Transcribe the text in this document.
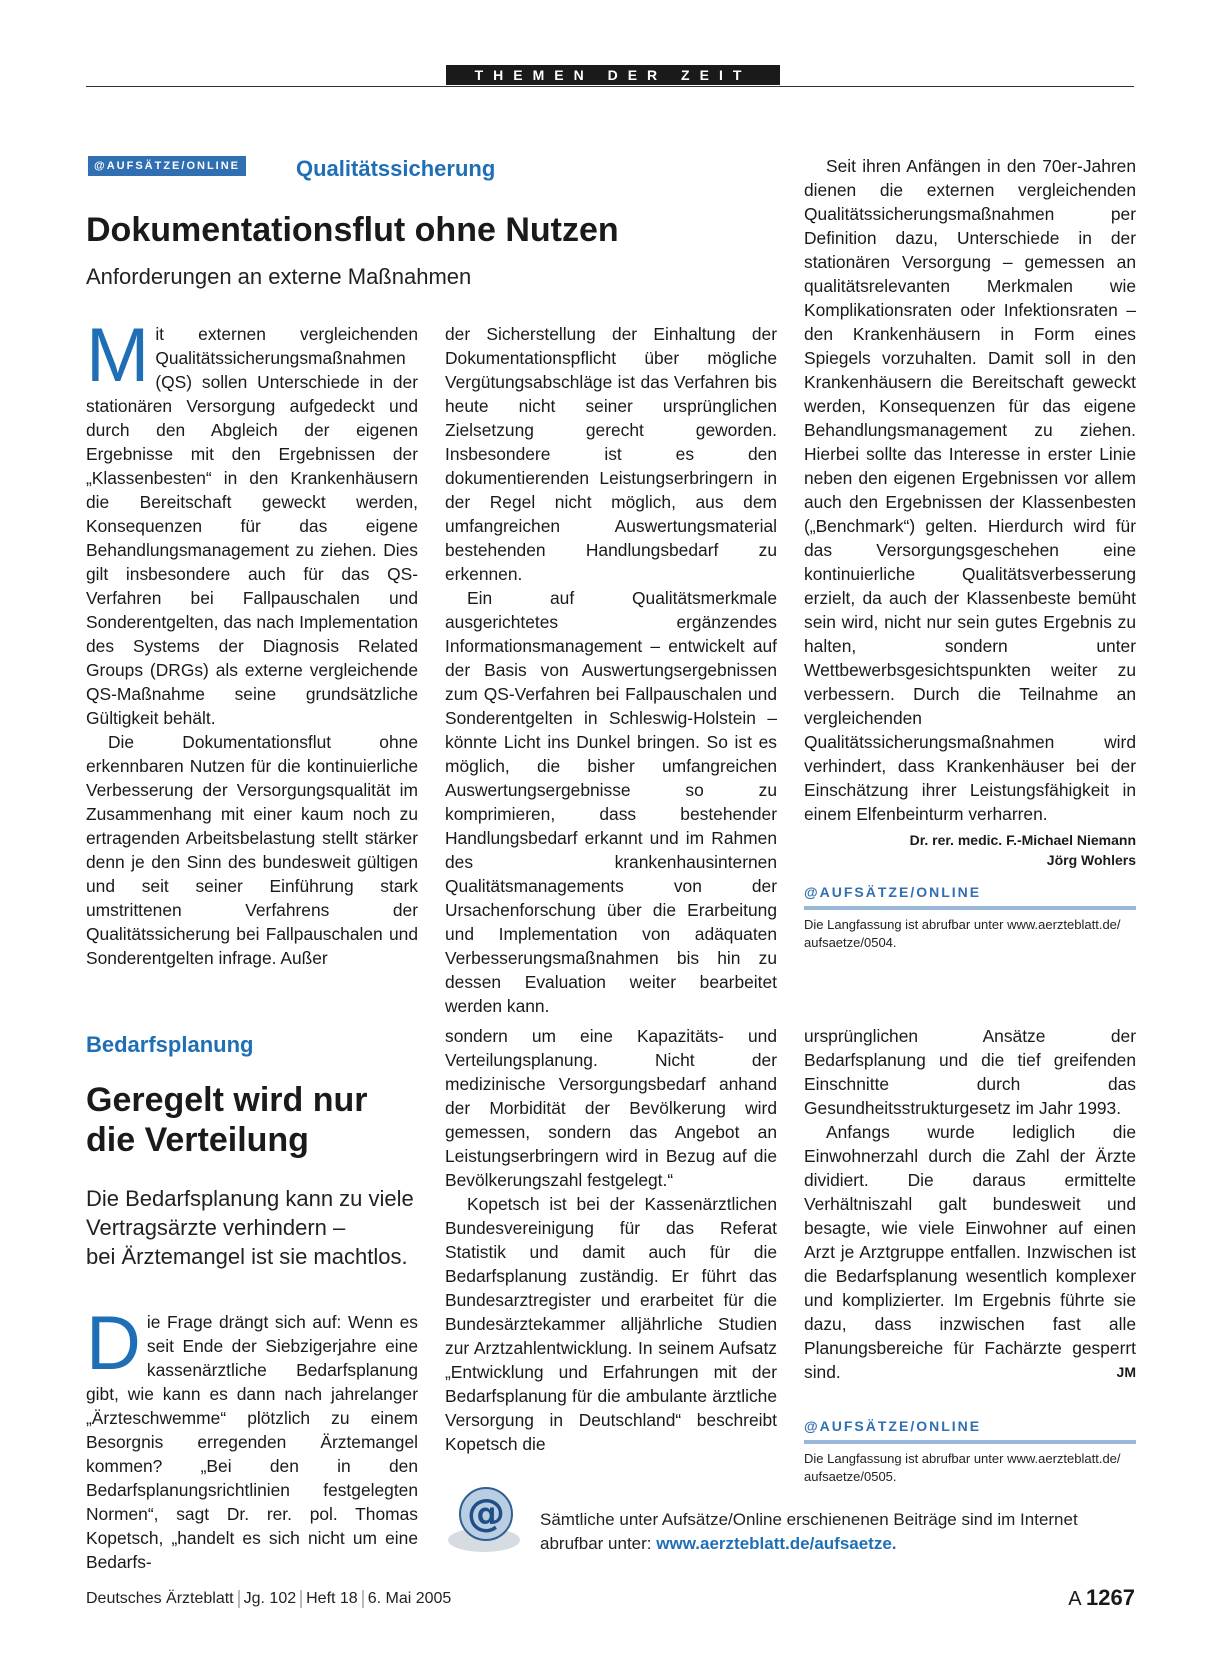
THEMEN DER ZEIT
@AUFSÄTZE/ONLINE	Qualitätssicherung
Dokumentationsflut ohne Nutzen
Anforderungen an externe Maßnahmen

Mit externen vergleichenden Qualitätssicherungsmaßnahmen (QS) sollen Unterschiede in der stationären Versorgung aufgedeckt und durch den Abgleich der eigenen Ergebnisse mit den Ergebnissen der „Klassenbesten“ in den Krankenhäusern die Bereitschaft geweckt werden, Konsequenzen für das eigene Behandlungsmanagement zu ziehen. Dies gilt insbesondere auch für das QS-Verfahren bei Fallpauschalen und Sonderentgelten, das nach Implementation des Systems der Diagnosis Related Groups (DRGs) als externe vergleichende QS-Maßnahme seine grundsätzliche Gültigkeit behält.

Die Dokumentationsflut ohne erkennbaren Nutzen für die kontinuierliche Verbesserung der Versorgungsqualität im Zusammenhang mit einer kaum noch zu ertragenden Arbeitsbelastung stellt stärker denn je den Sinn des bundesweit gültigen und seit seiner Einführung stark umstrittenen Verfahrens der Qualitätssicherung bei Fallpauschalen und Sonderentgelten infrage. Außer

der Sicherstellung der Einhaltung der Dokumentationspflicht über mögliche Vergütungsabschläge ist das Verfahren bis heute nicht seiner ursprünglichen Zielsetzung gerecht geworden. Insbesondere ist es den dokumentierenden Leistungserbringern in der Regel nicht möglich, aus dem umfangreichen Auswertungsmaterial bestehenden Handlungsbedarf zu erkennen.

Ein auf Qualitätsmerkmale ausgerichtetes ergänzendes Informationsmanagement – entwickelt auf der Basis von Auswertungsergebnissen zum QS-Verfahren bei Fallpauschalen und Sonderentgelten in Schleswig-Holstein – könnte Licht ins Dunkel bringen. So ist es möglich, die bisher umfangreichen Auswertungsergebnisse so zu komprimieren, dass bestehender Handlungsbedarf erkannt und im Rahmen des krankenhausinternen Qualitätsmanagements von der Ursachenforschung über die Erarbeitung und Implementation von adäquaten Verbesserungsmaßnahmen bis hin zu dessen Evaluation weiter bearbeitet werden kann.

Seit ihren Anfängen in den 70er-Jahren dienen die externen vergleichenden Qualitätssicherungsmaßnahmen per Definition dazu, Unterschiede in der stationären Versorgung – gemessen an qualitätsrelevanten Merkmalen wie Komplikationsraten oder Infektionsraten – den Krankenhäusern in Form eines Spiegels vorzuhalten. Damit soll in den Krankenhäusern die Bereitschaft geweckt werden, Konsequenzen für das eigene Behandlungsmanagement zu ziehen. Hierbei sollte das Interesse in erster Linie neben den eigenen Ergebnissen vor allem auch den Ergebnissen der Klassenbesten („Benchmark“) gelten. Hierdurch wird für das Versorgungsgeschehen eine kontinuierliche Qualitätsverbesserung erzielt, da auch der Klassenbeste bemüht sein wird, nicht nur sein gutes Ergebnis zu halten, sondern unter Wettbewerbsgesichtspunkten weiter zu verbessern. Durch die Teilnahme an vergleichenden Qualitätssicherungsmaßnahmen wird verhindert, dass Krankenhäuser bei der Einschätzung ihrer Leistungsfähigkeit in einem Elfenbeinturm verharren.

Dr. rer. medic. F.-Michael Niemann
Jörg Wohlers
@AUFSÄTZE/ONLINE
Die Langfassung ist abrufbar unter www.aerzteblatt.de/
aufsaetze/0504.
Bedarfsplanung
Geregelt wird nur
die Verteilung
Die Bedarfsplanung kann zu viele
Vertragsärzte verhindern –
bei Ärztemangel ist sie machtlos.

Die Frage drängt sich auf: Wenn es seit Ende der Siebzigerjahre eine kassenärztliche Bedarfsplanung gibt, wie kann es dann nach jahrelanger „Ärzteschwemme“ plötzlich zu einem Besorgnis erregenden Ärztemangel kommen? „Bei den in den Bedarfsplanungsrichtlinien festgelegten Normen“, sagt Dr. rer. pol. Thomas Kopetsch, „handelt es sich nicht um eine Bedarfs-

sondern um eine Kapazitäts- und Verteilungsplanung. Nicht der medizinische Versorgungsbedarf anhand der Morbidität der Bevölkerung wird gemessen, sondern das Angebot an Leistungserbringern wird in Bezug auf die Bevölkerungszahl festgelegt.“

Kopetsch ist bei der Kassenärztlichen Bundesvereinigung für das Referat Statistik und damit auch für die Bedarfsplanung zuständig. Er führt das Bundesarztregister und erarbeitet für die Bundesärztekammer alljährliche Studien zur Arztzahlentwicklung. In seinem Aufsatz „Entwicklung und Erfahrungen mit der Bedarfsplanung für die ambulante ärztliche Versorgung in Deutschland“ beschreibt Kopetsch die

ursprünglichen Ansätze der Bedarfsplanung und die tief greifenden Einschnitte durch das Gesundheitsstrukturgesetz im Jahr 1993.

Anfangs wurde lediglich die Einwohnerzahl durch die Zahl der Ärzte dividiert. Die daraus ermittelte Verhältniszahl galt bundesweit und besagte, wie viele Einwohner auf einen Arzt je Arztgruppe entfallen. Inzwischen ist die Bedarfsplanung wesentlich komplexer und komplizierter. Im Ergebnis führte sie dazu, dass inzwischen fast alle Planungsbereiche für Fachärzte gesperrt sind.	JM

@AUFSÄTZE/ONLINE
Die Langfassung ist abrufbar unter www.aerzteblatt.de/
aufsaetze/0505.
@ Sämtliche unter Aufsätze/Online erschienenen Beiträge sind im Internet
abrufbar unter: www.aerzteblatt.de/aufsaetze.
Deutsches Ärzteblatt Jg. 102 Heft 18 6. Mai 2005	A 1267
